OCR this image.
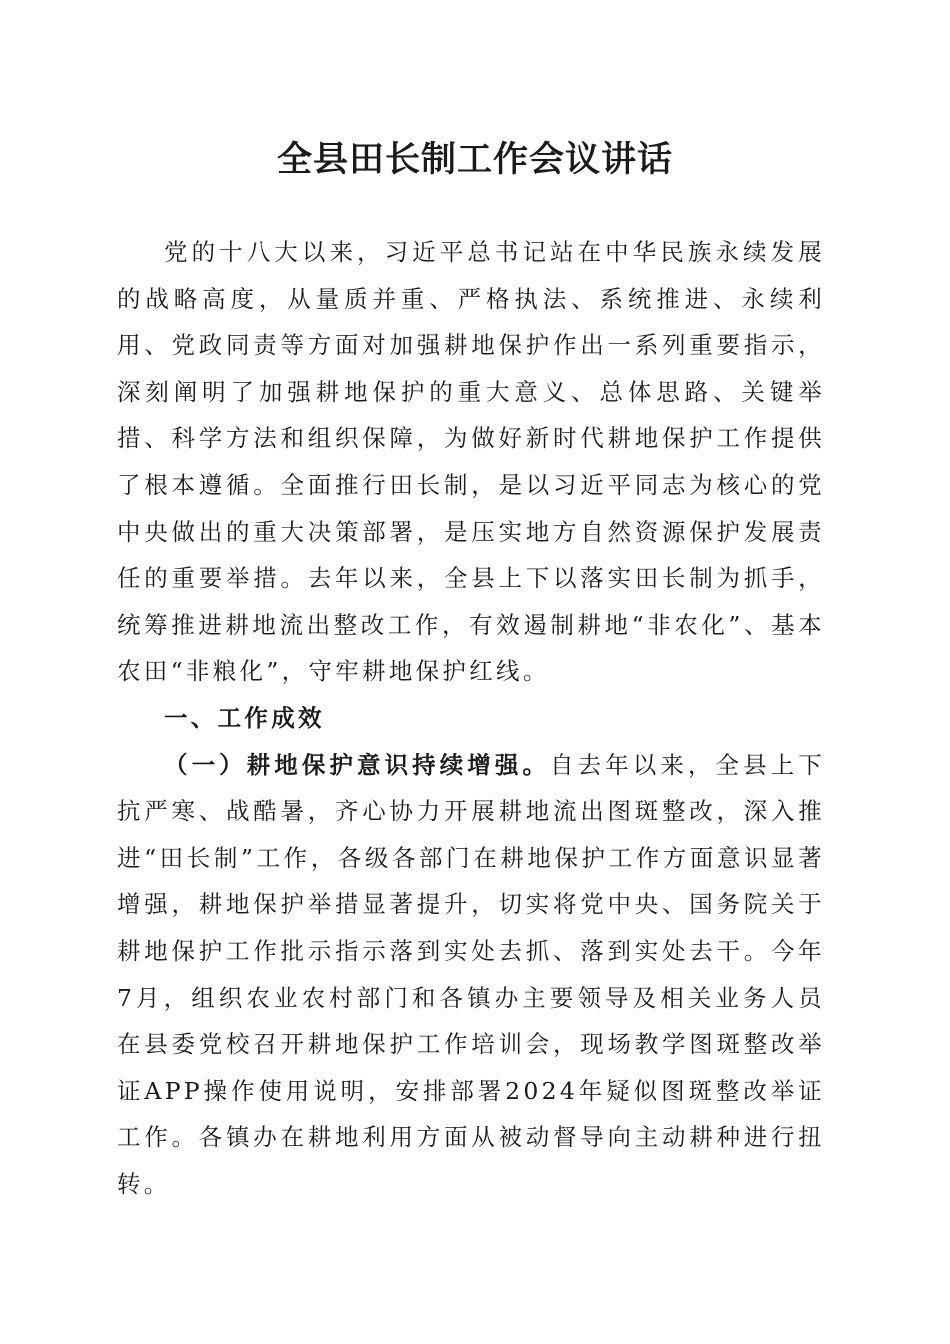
全县田长制工作会议讲话

党的十八大以来，习近平总书记站在中华民族永续发展的战略高度，从量质并重、严格执法、系统推进、永续利用、党政同责等方面对加强耕地保护作出一系列重要指示，深刻阐明了加强耕地保护的重大意义、总体思路、关键举措、科学方法和组织保障，为做好新时代耕地保护工作提供了根本遵循。全面推行田长制，是以习近平同志为核心的党中央做出的重大决策部署，是压实地方自然资源保护发展责任的重要举措。去年以来，全县上下以落实田长制为抓手，统筹推进耕地流出整改工作，有效遏制耕地“非农化”、基本农田“非粮化”，守牢耕地保护红线。

一、工作成效

（一）耕地保护意识持续增强。自去年以来，全县上下抗严寒、战酷暑，齐心协力开展耕地流出图斑整改，深入推进“田长制”工作，各级各部门在耕地保护工作方面意识显著增强，耕地保护举措显著提升，切实将党中央、国务院关于耕地保护工作批示指示落到实处去抓、落到实处去干。今年7月，组织农业农村部门和各镇办主要领导及相关业务人员在县委党校召开耕地保护工作培训会，现场教学图斑整改举证APP操作使用说明，安排部署2024年疑似图斑整改举证工作。各镇办在耕地利用方面从被动督导向主动耕种进行扭转。
